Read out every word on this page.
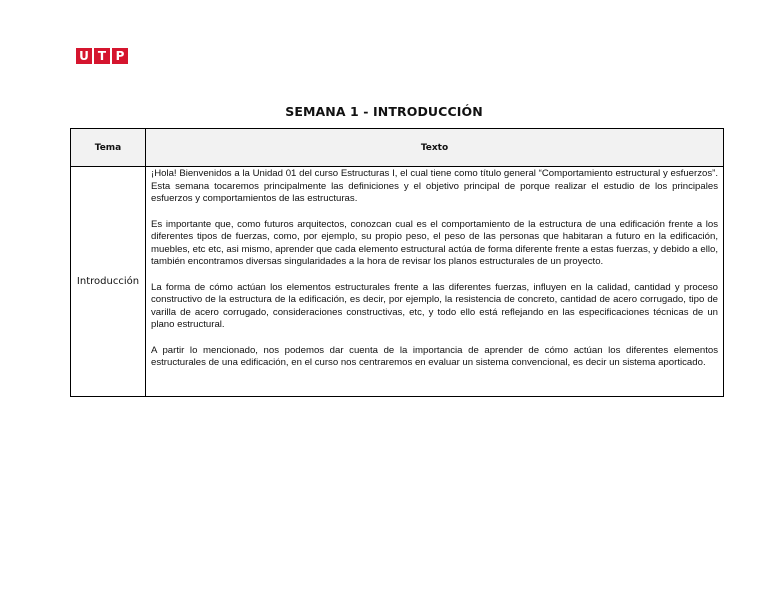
U T P
SEMANA 1 - INTRODUCCIÓN
Tema	Texto
Introducción	¡Hola! Bienvenidos a la Unidad 01 del curso Estructuras I, el cual tiene como título general “Comportamiento estructural y esfuerzos”. Esta semana tocaremos principalmente las definiciones y el objetivo principal de porque realizar el estudio de los principales esfuerzos y comportamientos de las estructuras.

Es importante que, como futuros arquitectos, conozcan cual es el comportamiento de la estructura de una edificación frente a los diferentes tipos de fuerzas, como, por ejemplo, su propio peso, el peso de las personas que habitaran a futuro en la edificación, muebles, etc etc, asi mismo, aprender que cada elemento estructural actúa de forma diferente frente a estas fuerzas, y debido a ello, también encontramos diversas singularidades a la hora de revisar los planos estructurales de un proyecto.

La forma de cómo actúan los elementos estructurales frente a las diferentes fuerzas, influyen en la calidad, cantidad y proceso constructivo de la estructura de la edificación, es decir, por ejemplo, la resistencia de concreto, cantidad de acero corrugado, tipo de varilla de acero corrugado, consideraciones constructivas, etc, y todo ello está reflejando en las especificaciones técnicas de un plano estructural.

A partir lo mencionado, nos podemos dar cuenta de la importancia de aprender de cómo actúan los diferentes elementos estructurales de una edificación, en el curso nos centraremos en evaluar un sistema convencional, es decir un sistema aporticado.
